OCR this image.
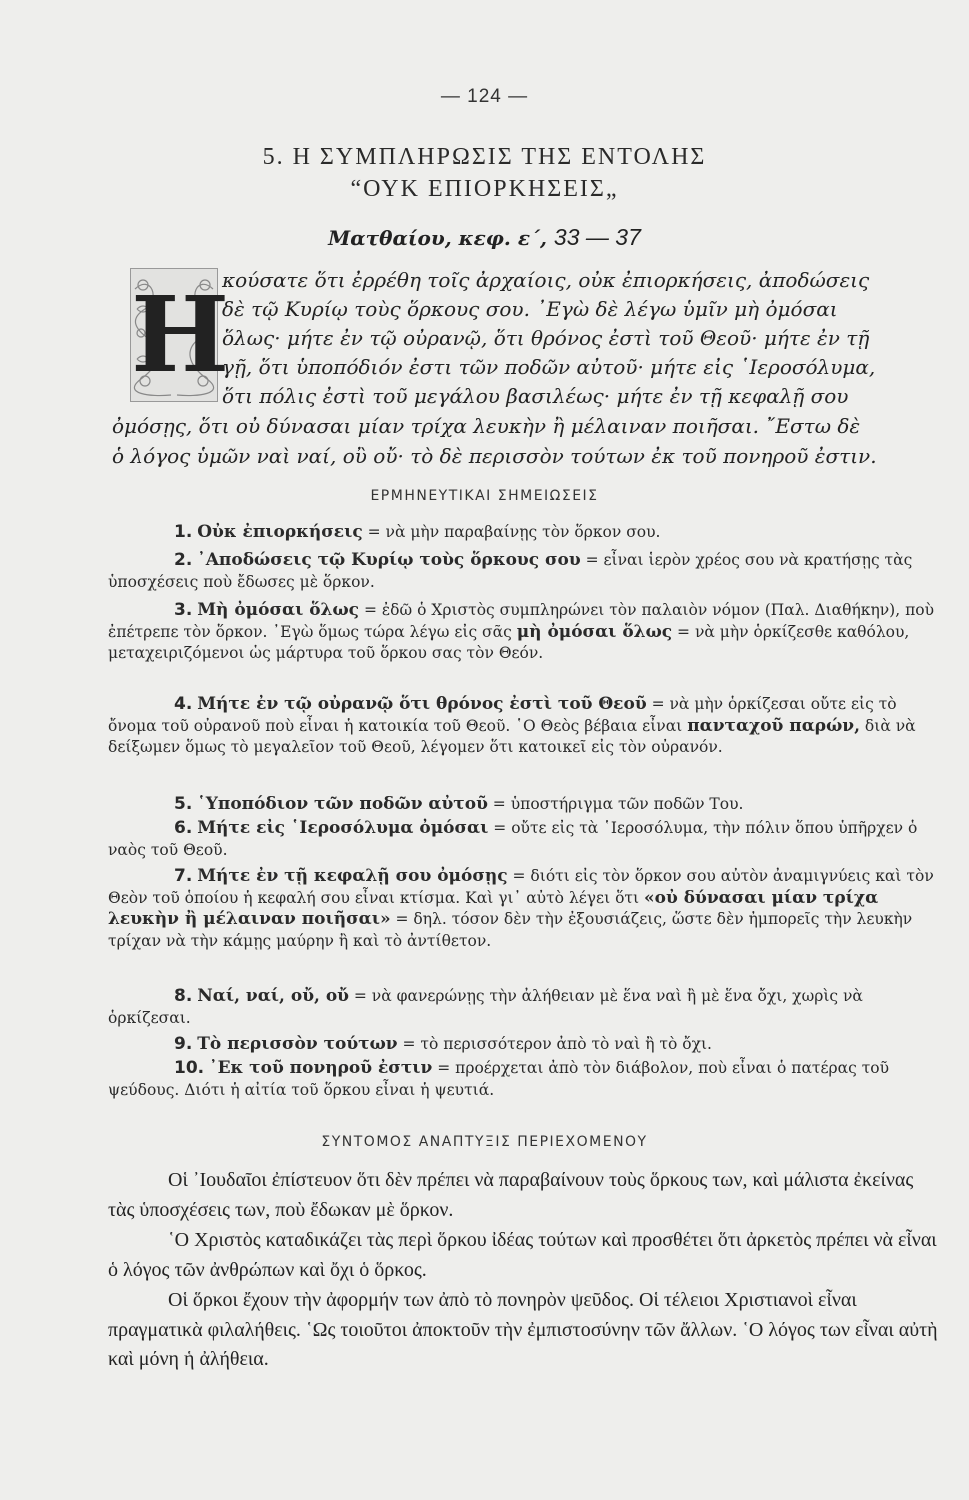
— 124 —
5. Η ΣΥΜΠΛΗΡΩΣΙΣ ΤΗΣ ΕΝΤΟΛΗΣ
“ΟΥΚ ΕΠΙΟΡΚΗΣΕΙΣ„
Ματθαίου, κεφ. ε΄, 33 — 37
Η
κούσατε ὅτι ἐρρέθη τοῖς ἀρχαίοις, οὐκ ἐπιορκήσεις, ἀποδώσεις
δὲ τῷ Κυρίῳ τοὺς ὅρκους σου. ᾿Εγὼ δὲ λέγω ὑμῖν μὴ ὀμόσαι
ὅλως· μήτε ἐν τῷ οὐρανῷ, ὅτι θρόνος ἐστὶ τοῦ Θεοῦ· μήτε ἐν τῇ
γῇ, ὅτι ὑποπόδιόν ἐστι τῶν ποδῶν αὐτοῦ· μήτε εἰς ῾Ιεροσόλυμα,
ὅτι πόλις ἐστὶ τοῦ μεγάλου βασιλέως· μήτε ἐν τῇ κεφαλῇ σου
ὀμόσῃς, ὅτι οὐ δύνασαι μίαν τρίχα λευκὴν ἢ μέλαιναν ποιῆσαι. ῎Εστω δὲ
ὁ λόγος ὑμῶν ναὶ ναί, οὒ οὔ· τὸ δὲ περισσὸν τούτων ἐκ τοῦ πονηροῦ ἐστιν.
ΕΡΜΗΝΕΥΤΙΚΑΙ ΣΗΜΕΙΩΣΕΙΣ
1. Οὐκ ἐπιορκήσεις = νὰ μὴν παραβαίνῃς τὸν ὅρκον σου.
2. ᾿Αποδώσεις τῷ Κυρίῳ τοὺς ὅρκους σου = εἶναι ἱερὸν χρέος σου νὰ κρατήσῃς τὰς ὑποσχέσεις ποὺ ἔδωσες μὲ ὅρκον.
3. Μὴ ὀμόσαι ὅλως = ἐδῶ ὁ Χριστὸς συμπληρώνει τὸν παλαιὸν νόμον (Παλ. Διαθήκην), ποὺ ἐπέτρεπε τὸν ὅρκον. ᾿Εγὼ ὅμως τώρα λέγω εἰς σᾶς μὴ ὀμόσαι ὅλως = νὰ μὴν ὁρκίζεσθε καθόλου, μεταχειριζόμενοι ὡς μάρτυρα τοῦ ὅρκου σας τὸν Θεόν.
4. Μήτε ἐν τῷ οὐρανῷ ὅτι θρόνος ἐστὶ τοῦ Θεοῦ = νὰ μὴν ὁρκίζεσαι οὔτε εἰς τὸ ὄνομα τοῦ οὐρανοῦ ποὺ εἶναι ἡ κατοικία τοῦ Θεοῦ. ῾Ο Θεὸς βέβαια εἶναι πανταχοῦ παρών, διὰ νὰ δείξωμεν ὅμως τὸ μεγαλεῖον τοῦ Θεοῦ, λέγομεν ὅτι κατοικεῖ εἰς τὸν οὐρανόν.
5. ῾Υποπόδιον τῶν ποδῶν αὐτοῦ = ὑποστήριγμα τῶν ποδῶν Του.
6. Μήτε εἰς ῾Ιεροσόλυμα ὀμόσαι = οὔτε εἰς τὰ ῾Ιεροσόλυμα, τὴν πόλιν ὅπου ὑπῆρχεν ὁ ναὸς τοῦ Θεοῦ.
7. Μήτε ἐν τῇ κεφαλῇ σου ὀμόσῃς = διότι εἰς τὸν ὅρκον σου αὐτὸν ἀναμιγνύεις καὶ τὸν Θεὸν τοῦ ὁποίου ἡ κεφαλή σου εἶναι κτίσμα. Καὶ γι᾿ αὐτὸ λέγει ὅτι «οὐ δύνασαι μίαν τρίχα λευκὴν ἢ μέλαιναν ποιῆσαι» = δηλ. τόσον δὲν τὴν ἐξουσιάζεις, ὥστε δὲν ἠμπορεῖς τὴν λευκὴν τρίχαν νὰ τὴν κάμῃς μαύρην ἢ καὶ τὸ ἀντίθετον.
8. Ναί, ναί, οὔ, οὔ = νὰ φανερώνῃς τὴν ἀλήθειαν μὲ ἕνα ναὶ ἢ μὲ ἕνα ὄχι, χωρὶς νὰ ὁρκίζεσαι.
9. Τὸ περισσὸν τούτων = τὸ περισσότερον ἀπὸ τὸ ναὶ ἢ τὸ ὄχι.
10. ᾿Εκ τοῦ πονηροῦ ἐστιν = προέρχεται ἀπὸ τὸν διάβολον, ποὺ εἶναι ὁ πατέρας τοῦ ψεύδους. Διότι ἡ αἰτία τοῦ ὅρκου εἶναι ἡ ψευτιά.
ΣΥΝΤΟΜΟΣ ΑΝΑΠΤΥΞΙΣ ΠΕΡΙΕΧΟΜΕΝΟΥ
Οἱ ᾿Ιουδαῖοι ἐπίστευον ὅτι δὲν πρέπει νὰ παραβαίνουν τοὺς ὅρκους των, καὶ μάλιστα ἐκείνας τὰς ὑποσχέσεις των, ποὺ ἔδωκαν μὲ ὅρκον.
῾Ο Χριστὸς καταδικάζει τὰς περὶ ὅρκου ἰδέας τούτων καὶ προσθέτει ὅτι ἀρκετὸς πρέπει νὰ εἶναι ὁ λόγος τῶν ἀνθρώπων καὶ ὄχι ὁ ὅρκος.
Οἱ ὅρκοι ἔχουν τὴν ἀφορμήν των ἀπὸ τὸ πονηρὸν ψεῦδος. Οἱ τέλειοι Χριστιανοὶ εἶναι πραγματικὰ φιλαλήθεις. ῾Ως τοιοῦτοι ἀποκτοῦν τὴν ἐμπιστοσύνην τῶν ἄλλων. ῾Ο λόγος των εἶναι αὐτὴ καὶ μόνη ἡ ἀλήθεια.
